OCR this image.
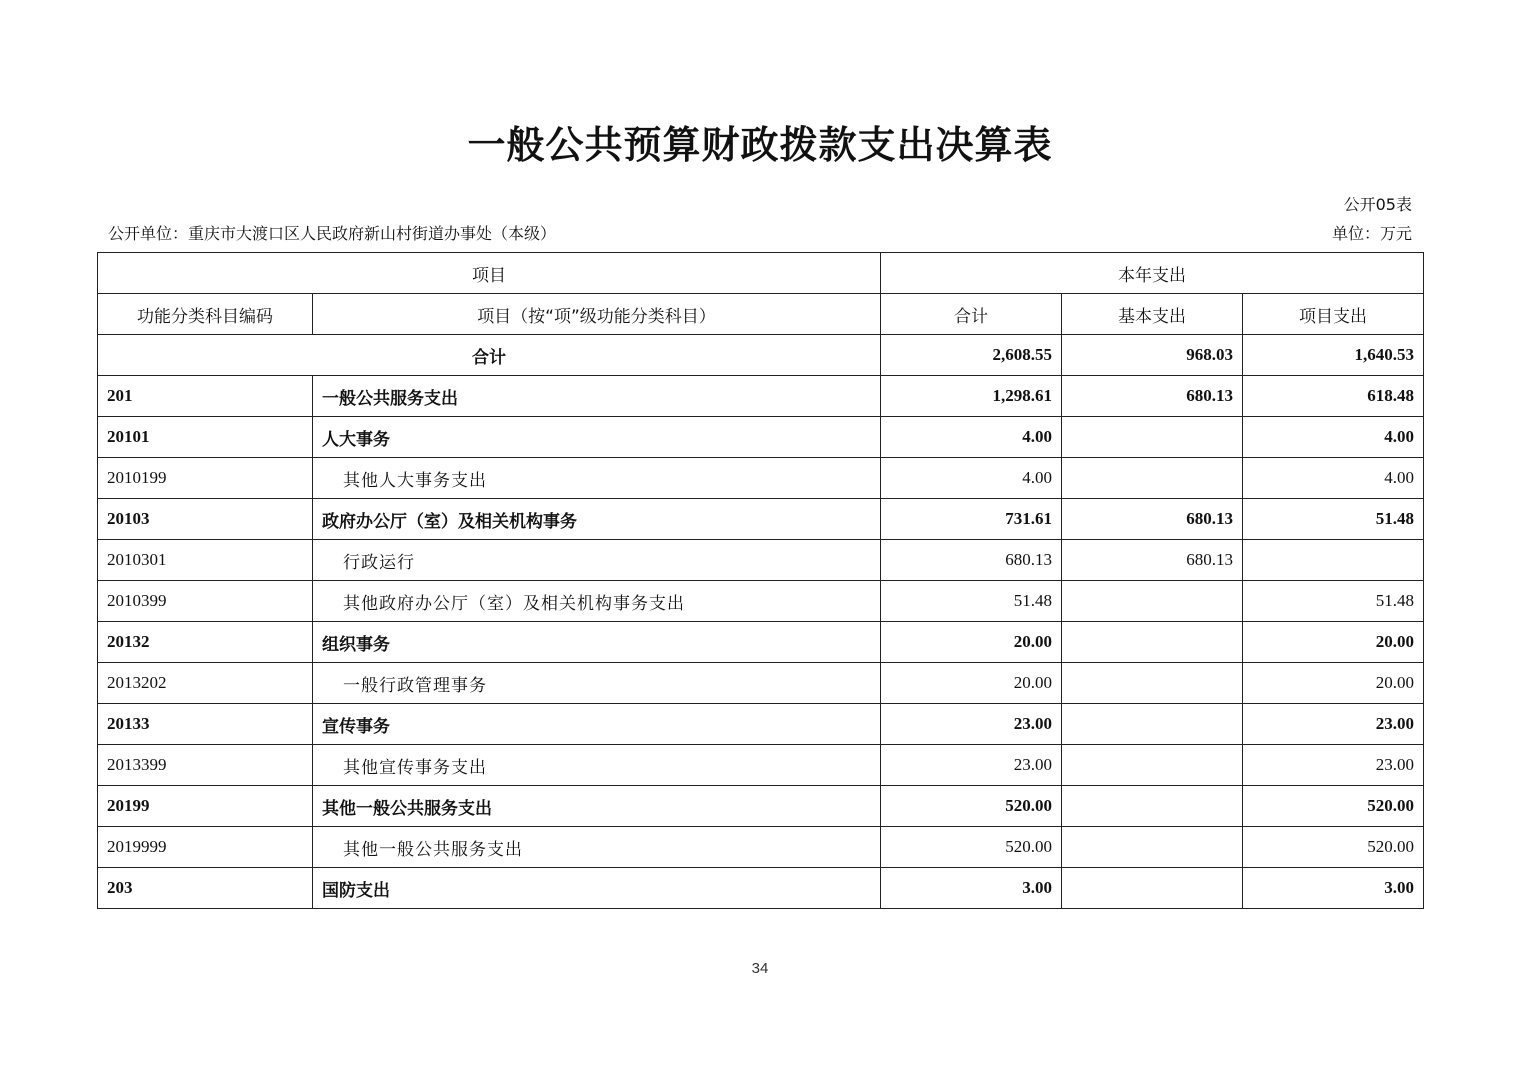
一般公共预算财政拨款支出决算表
公开05表
公开单位：重庆市大渡口区人民政府新山村街道办事处（本级）	单位：万元
项目		本年支出		
功能分类科目编码	项目（按“项”级功能分类科目）	合计	基本支出	项目支出
合计		2,608.55	968.03	1,640.53
201	一般公共服务支出	1,298.61	680.13	618.48
20101	人大事务	4.00		4.00
2010199	其他人大事务支出	4.00		4.00
20103	政府办公厅（室）及相关机构事务	731.61	680.13	51.48
2010301	行政运行	680.13	680.13	
2010399	其他政府办公厅（室）及相关机构事务支出	51.48		51.48
20132	组织事务	20.00		20.00
2013202	一般行政管理事务	20.00		20.00
20133	宣传事务	23.00		23.00
2013399	其他宣传事务支出	23.00		23.00
20199	其他一般公共服务支出	520.00		520.00
2019999	其他一般公共服务支出	520.00		520.00
203	国防支出	3.00		3.00
34
